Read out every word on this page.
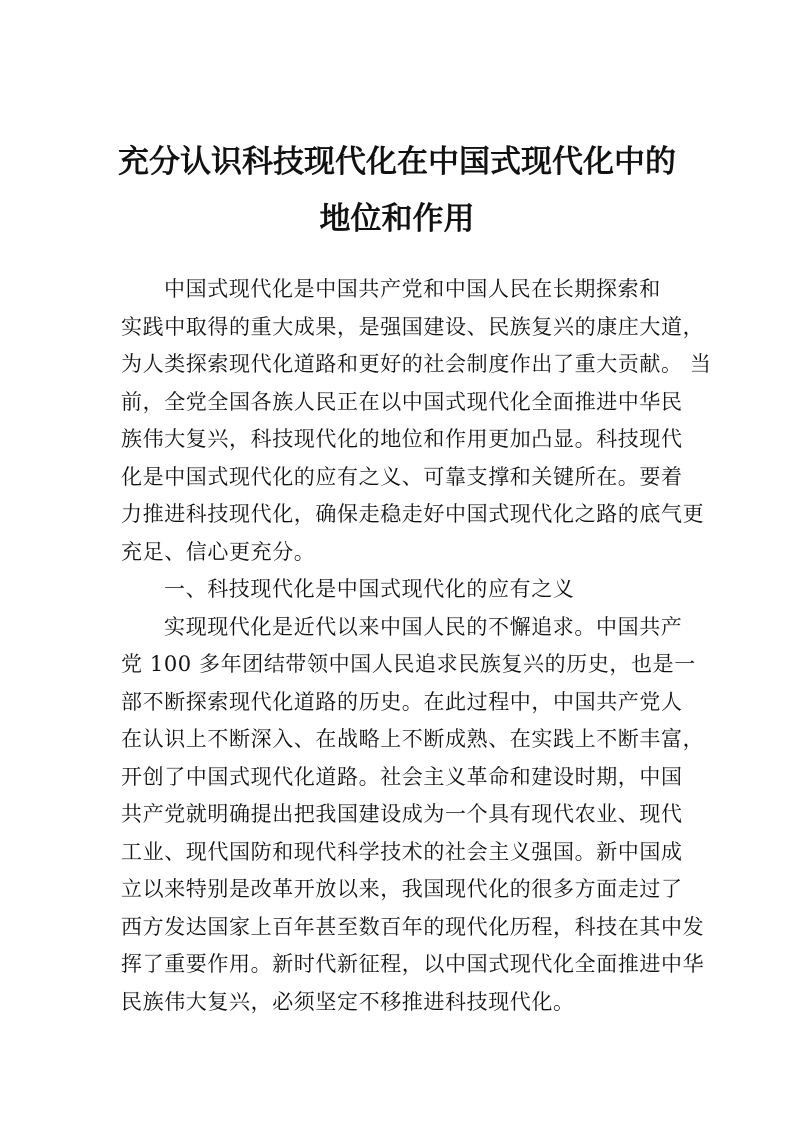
充分认识科技现代化在中国式现代化中的
地位和作用
中国式现代化是中国共产党和中国人民在长期探索和
实践中取得的重大成果，是强国建设、民族复兴的康庄大道，
为人类探索现代化道路和更好的社会制度作出了重大贡献。 当
前，全党全国各族人民正在以中国式现代化全面推进中华民
族伟大复兴，科技现代化的地位和作用更加凸显。科技现代
化是中国式现代化的应有之义、可靠支撑和关键所在。要着
力推进科技现代化，确保走稳走好中国式现代化之路的底气更
充足、信心更充分。
一、科技现代化是中国式现代化的应有之义
实现现代化是近代以来中国人民的不懈追求。中国共产
党 100 多年团结带领中国人民追求民族复兴的历史，也是一
部不断探索现代化道路的历史。在此过程中，中国共产党人
在认识上不断深入、在战略上不断成熟、在实践上不断丰富，
开创了中国式现代化道路。社会主义革命和建设时期，中国
共产党就明确提出把我国建设成为一个具有现代农业、现代
工业、现代国防和现代科学技术的社会主义强国。新中国成
立以来特别是改革开放以来，我国现代化的很多方面走过了
西方发达国家上百年甚至数百年的现代化历程，科技在其中发
挥了重要作用。新时代新征程，以中国式现代化全面推进中华
民族伟大复兴，必须坚定不移推进科技现代化。
